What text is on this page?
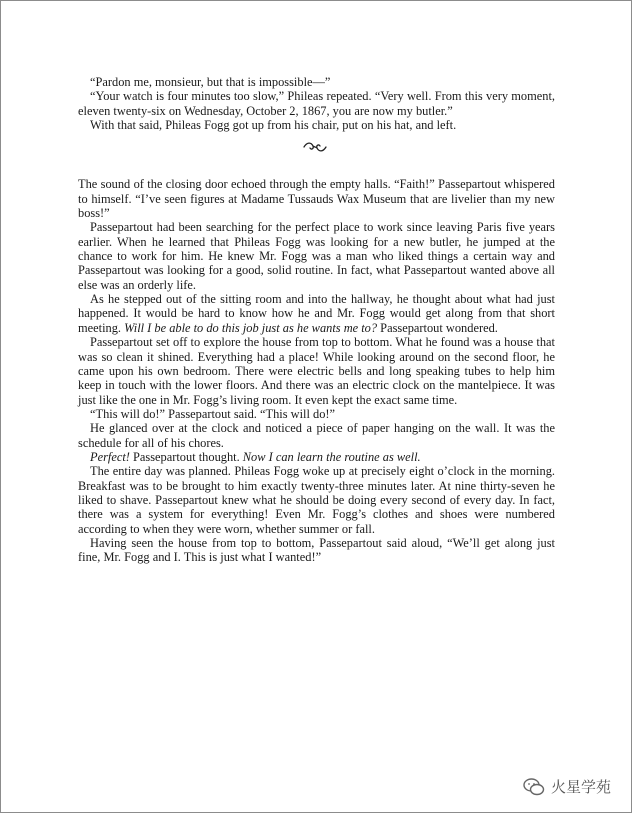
“Pardon me, monsieur, but that is impossible—”

“Your watch is four minutes too slow,” Phileas repeated. “Very well. From this very moment, eleven twenty-six on Wednesday, October 2, 1867, you are now my butler.”

With that said, Phileas Fogg got up from his chair, put on his hat, and left.

The sound of the closing door echoed through the empty halls. “Faith!” Passepartout whispered to himself. “I’ve seen figures at Madame Tussauds Wax Museum that are livelier than my new boss!”

Passepartout had been searching for the perfect place to work since leaving Paris five years earlier. When he learned that Phileas Fogg was looking for a new butler, he jumped at the chance to work for him. He knew Mr. Fogg was a man who liked things a certain way and Passepartout was looking for a good, solid routine. In fact, what Passepartout wanted above all else was an orderly life.

As he stepped out of the sitting room and into the hallway, he thought about what had just happened. It would be hard to know how he and Mr. Fogg would get along from that short meeting. Will I be able to do this job just as he wants me to? Passepartout wondered.

Passepartout set off to explore the house from top to bottom. What he found was a house that was so clean it shined. Everything had a place! While looking around on the second floor, he came upon his own bedroom. There were electric bells and long speaking tubes to help him keep in touch with the lower floors. And there was an electric clock on the mantelpiece. It was just like the one in Mr. Fogg’s living room. It even kept the exact same time.

“This will do!” Passepartout said. “This will do!”

He glanced over at the clock and noticed a piece of paper hanging on the wall. It was the schedule for all of his chores.

Perfect! Passepartout thought. Now I can learn the routine as well.

The entire day was planned. Phileas Fogg woke up at precisely eight o’clock in the morning. Breakfast was to be brought to him exactly twenty-three minutes later. At nine thirty-seven he liked to shave. Passepartout knew what he should be doing every second of every day. In fact, there was a system for everything! Even Mr. Fogg’s clothes and shoes were numbered according to when they were worn, whether summer or fall.

Having seen the house from top to bottom, Passepartout said aloud, “We’ll get along just fine, Mr. Fogg and I. This is just what I wanted!”

火星学苑
